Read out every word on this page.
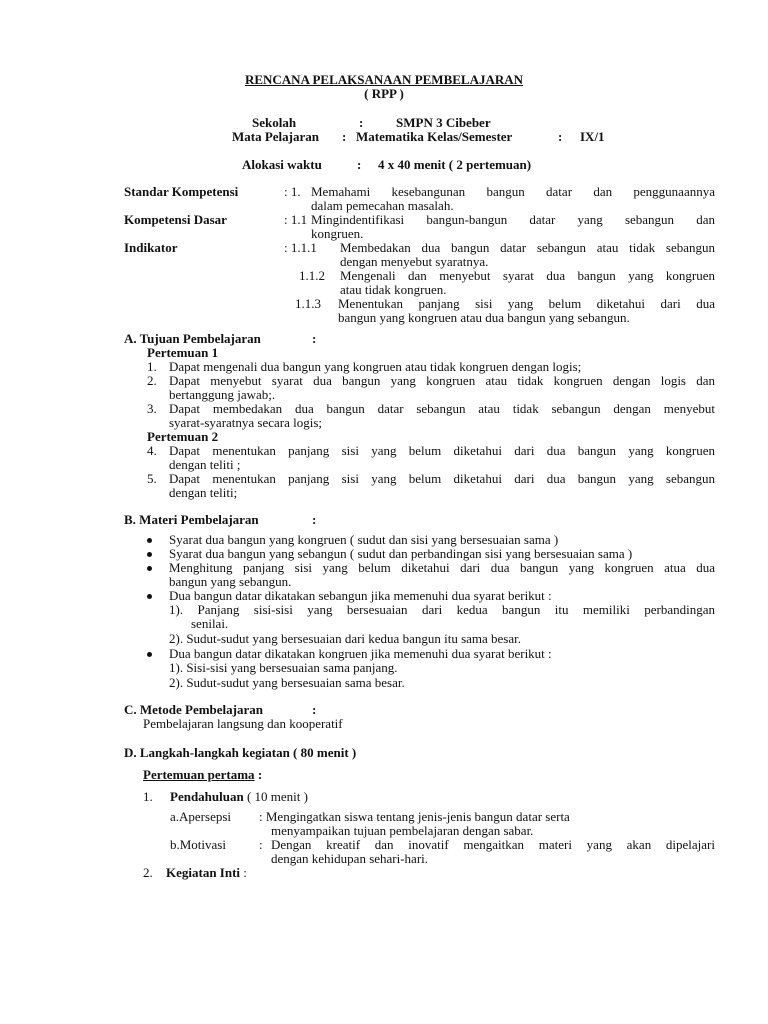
RENCANA PELAKSANAAN PEMBELAJARAN
( RPP )
Sekolah	:	SMPN 3 Cibeber
Mata Pelajaran : Matematika Kelas/Semester	: IX/1
Alokasi waktu	: 4 x 40 menit ( 2 pertemuan)
Standar Kompetensi	: 1. Memahami kesebangunan bangun datar dan penggunaannya
dalam pemecahan masalah.
Kompetensi Dasar	: 1.1 Mingindentifikasi bangun-bangun datar yang sebangun dan
kongruen.
Indikator	: 1.1.1 Membedakan dua bangun datar sebangun atau tidak sebangun
dengan menyebut syaratnya.
1.1.2 Mengenali dan menyebut syarat dua bangun yang kongruen
atau tidak kongruen.
1.1.3 Menentukan panjang sisi yang belum diketahui dari dua
bangun yang kongruen atau dua bangun yang sebangun.
A. Tujuan Pembelajaran	:
Pertemuan 1
1. Dapat mengenali dua bangun yang kongruen atau tidak kongruen dengan logis;
2. Dapat menyebut syarat dua bangun yang kongruen atau tidak kongruen dengan logis dan
bertanggung jawab;.
3. Dapat membedakan dua bangun datar sebangun atau tidak sebangun dengan menyebut
syarat-syaratnya secara logis;
Pertemuan 2
4. Dapat menentukan panjang sisi yang belum diketahui dari dua bangun yang kongruen
dengan teliti ;
5. Dapat menentukan panjang sisi yang belum diketahui dari dua bangun yang sebangun
dengan teliti;
B. Materi Pembelajaran	:
Syarat dua bangun yang kongruen ( sudut dan sisi yang bersesuaian sama )
Syarat dua bangun yang sebangun ( sudut dan perbandingan sisi yang bersesuaian sama )
Menghitung panjang sisi yang belum diketahui dari dua bangun yang kongruen atua dua
bangun yang sebangun.
Dua bangun datar dikatakan sebangun jika memenuhi dua syarat berikut :
1). Panjang sisi-sisi yang bersesuaian dari kedua bangun itu memiliki perbandingan
senilai.
2). Sudut-sudut yang bersesuaian dari kedua bangun itu sama besar.
Dua bangun datar dikatakan kongruen jika memenuhi dua syarat berikut :
1). Sisi-sisi yang bersesuaian sama panjang.
2). Sudut-sudut yang bersesuaian sama besar.
C. Metode Pembelajaran	:
Pembelajaran langsung dan kooperatif
D. Langkah-langkah kegiatan ( 80 menit )
Pertemuan pertama :
1. Pendahuluan ( 10 menit )
a.Apersepsi : Mengingatkan siswa tentang jenis-jenis bangun datar serta
menyampaikan tujuan pembelajaran dengan sabar.
b.Motivasi	: Dengan kreatif dan inovatif mengaitkan materi yang akan dipelajari
dengan kehidupan sehari-hari.
2. Kegiatan Inti :
